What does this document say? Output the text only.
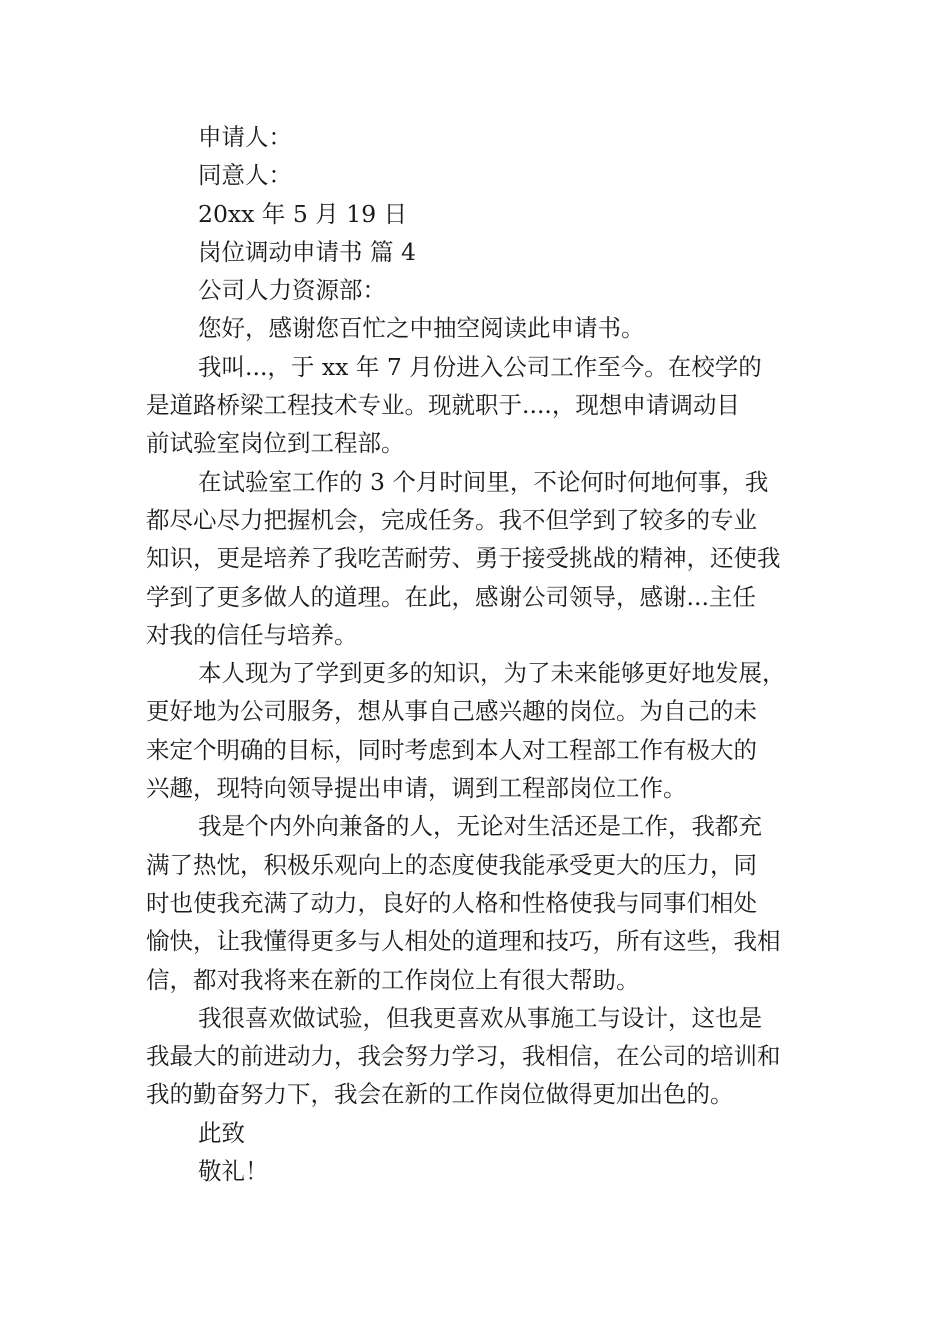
申请人：
同意人：
20xx 年 5 月 19 日
岗位调动申请书 篇 4
公司人力资源部：
您好，感谢您百忙之中抽空阅读此申请书。
我叫...，于 xx 年 7 月份进入公司工作至今。在校学的
是道路桥梁工程技术专业。现就职于....，现想申请调动目
前试验室岗位到工程部。
在试验室工作的 3 个月时间里，不论何时何地何事，我
都尽心尽力把握机会，完成任务。我不但学到了较多的专业
知识，更是培养了我吃苦耐劳、勇于接受挑战的精神，还使我
学到了更多做人的道理。在此，感谢公司领导，感谢...主任
对我的信任与培养。
本人现为了学到更多的知识，为了未来能够更好地发展，
更好地为公司服务，想从事自己感兴趣的岗位。为自己的未
来定个明确的目标，同时考虑到本人对工程部工作有极大的
兴趣，现特向领导提出申请，调到工程部岗位工作。
我是个内外向兼备的人，无论对生活还是工作，我都充
满了热忱，积极乐观向上的态度使我能承受更大的压力，同
时也使我充满了动力，良好的人格和性格使我与同事们相处
愉快，让我懂得更多与人相处的道理和技巧，所有这些，我相
信，都对我将来在新的工作岗位上有很大帮助。
我很喜欢做试验，但我更喜欢从事施工与设计，这也是
我最大的前进动力，我会努力学习，我相信，在公司的培训和
我的勤奋努力下，我会在新的工作岗位做得更加出色的。
此致
敬礼！
